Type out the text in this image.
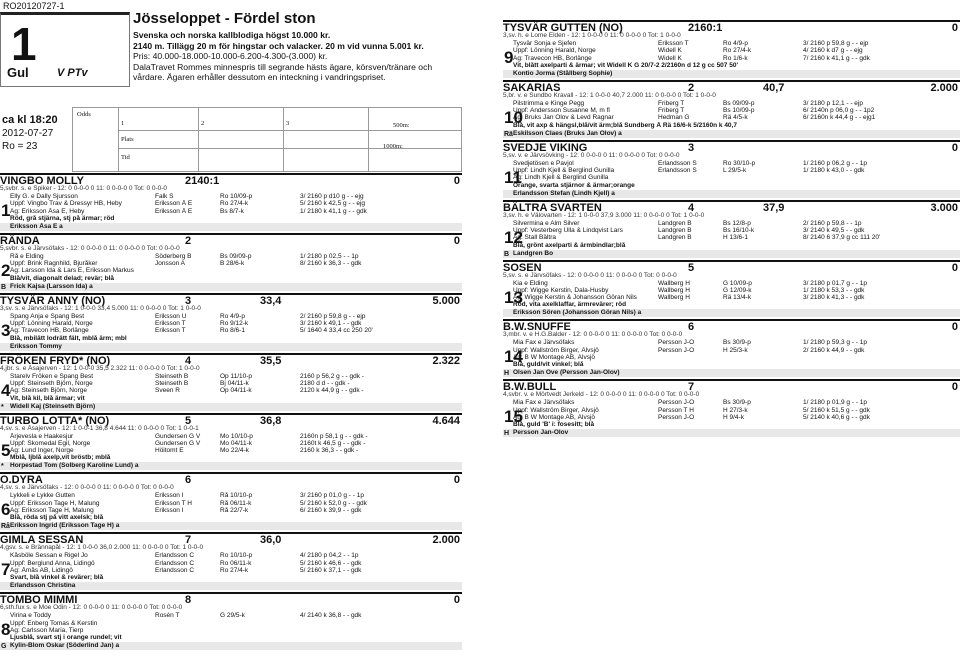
RO20120727-1
1
Gul	V PTv
Jösseloppet - Fördel ston
Svenska och norska kallblodiga högst 10.000 kr.
2140 m. Tillägg 20 m för hingstar och valacker. 20 m vid vunna 5.001 kr.
Pris: 40.000-18.000-10.000-6.200-4.300-(3.000) kr.
DalaTravet Rommes minnespris till segrande hästs ägare, körsven/tränare och vårdare. Ägaren erhåller dessutom en inteckning i vandringspriset.
ca kl 18:20
2012-07-27
Ro = 23
Odds
1	2	3
Plats
Tid
500m:
1000m:
VINGBO MOLLY	2140:1	0
5,svbr. s. e Spiker - 12: 0 0-0-0 0 11: 0 0-0-0 0 Tot: 0 0-0-0
Elly G. e Dally Sjursson	Falk S	Ro 10/09-p	3/ 2160 p d10 g - - ejg
Uppf: Vingbo Trav & Dressyr HB, Heby	Eriksson Å E	Ro 27/4-k	5/ 2160 k 42,5 g - - ejg
Äg: Eriksson Åsa E, Heby	Eriksson Å E	Bs 8/7-k	1/ 2180 k 41,1 g - - gdk
Röd, grå stjärna, stj på ärmar; röd
Eriksson Åsa E a
1
RÄNDA	2	0
5,svbr. s. e Järvsöfaks - 12: 0 0-0-0 0 11: 0 0-0-0 0 Tot: 0 0-0-0
Rå e Elding	Söderberg B	Bs 09/09-p	1/ 2180 p 02,5 - - 1p
Uppf: Brink Ragnhild, Bjuråker	Jonsson A	B 28/6-k	8/ 2160 k 36,3 - - gdk
Äg: Larsson Ida & Lars E, Eriksson Markus
Blå/vit, diagonalt delad; revär; blå
Frick Kajsa (Larsson Ida) a
2
B
TYSVÄR ANNY (NO)	3	33,4	5.000
3,sv. s. e Järvsöfaks - 12: 1 0-0-0 33,4 5.000 11: 0 0-0-0 0 Tot: 1 0-0-0
Spang Anja e Spang Best	Eriksson U	Ro 4/9-p	2/ 2160 p 59,8 g - - ejp
Uppf: Lönning Harald, Norge	Eriksson T	Ro 9/12-k	3/ 2160 k 49,1 - - gdk
Äg: Travecon HB, Borlänge	Eriksson T	Ro 8/6-1	5/ 1640 4 33,4 cc 250 20'
Blå, mbilätt lodrätt fält, mblå ärm; mbl
Eriksson Tommy
3
FRÖKEN FRYD* (NO)	4	35,5	2.322
4,jbr. s. e Åsajerven - 12: 1 0-0-0 35,5 2.322 11: 0 0-0-0 0 Tot: 1 0-0-0
Starelv Fröken e Spang Best	Steinseth B	Op 11/10-p	2160 p 56,2 g - - gdk -
Uppf: Steinseth Björn, Norge	Steinseth B	Bj 04/11-k	2180 d d - - gdk -
Äg: Steinseth Björn, Norge	Sveen R	Op 04/11-k	2120 k 44,9 g - - gdk -
Vit, blå kil, blå ärmar; vit
Widell Kaj (Steinseth Björn)
4
*
TURBO LOTTA* (NO)	5	36,8	4.644
4,sv. s. e Åsajerven - 12: 1 0-0-1 36,8 4.644 11: 0 0-0-0 0 Tot: 1 0-0-1
Årjevesla e Haakesjur	Gundersen G V	Mo 10/10-p	2160n p 58,1 g - - gdk -
Uppf: Skomedal Egil, Norge	Gundersen G V	Mo 04/11-k	2160t k 46,5 g - - gdk -
Äg: Lund Inger, Norge	Höitomt E	Mo 22/4-k	2160 k 36,3 - - gdk -
Mblå, ljblå axelp,vit bröstb; mblå
Horpestad Tom (Solberg Karoline Lund) a
5
*
O.DYRA	6	0
4,sv. s. e Järvsöfaks - 12: 0 0-0-0 0 11: 0 0-0-0 0 Tot: 0 0-0-0
Lykkeli e Lykke Gutten	Eriksson I	Rå 10/10-p	3/ 2160 p 01,0 g - - 1p
Uppf: Eriksson Tage H, Malung	Eriksson T H	Rå 06/11-k	5/ 2160 k 52,0 g - - gdk
Äg: Eriksson Tage H, Malung	Eriksson I	Rå 22/7-k	6/ 2160 k 39,9 - - gdk
Blå, röda stj på vitt axelsk; blå
Eriksson Ingrid (Eriksson Tage H) a
6
Rå
GIMLA SESSAN	7	36,0	2.000
4,gsv. s. e Brännapål - 12: 1 0-0-0 36,0 2.000 11: 0 0-0-0 0 Tot: 1 0-0-0
Kåsböle Sessan e Rigel Jo	Erlandsson C	Ro 10/10-p	4/ 2180 p 04,2 - - 1p
Uppf: Berglund Anna, Lidingö	Erlandsson C	Ro 06/11-k	5/ 2160 k 46,6 - - gdk
Äg: Åmås AB, Lidingö	Erlandsson C	Ro 27/4-k	5/ 2160 k 37,1 - - gdk
Svart, blå vinkel & revärer; blå
Erlandsson Christina
7
TOMBO MIMMI	8	0
6,sth.fux s. e Moe Odin - 12: 0 0-0-0 0 11: 0 0-0-0 0 Tot: 0 0-0-0
Virina e Toddy	Rosén T	G 29/5-k	4/ 2140 k 36,8 - - gdk
Uppf: Enberg Tomas & Kerstin
Äg: Carlsson Maria, Tierp
Ljusblå, svart stj i orange rundel; vit
Kylin-Blom Oskar (Söderlind Jan) a
8
G
TYSVÄR GUTTEN (NO)	2160:1	0
3,sv. h. e Lome Elden - 12: 1 0-0-0 0 11: 0 0-0-0 0 Tot: 1 0-0-0
Tysvär Sonja e Sjefen	Eriksson T	Ro 4/9-p	3/ 2160 p 59,8 g - - ejp
Uppf: Lönning Harald, Norge	Widell K	Ro 27/4-k	4/ 2160 k d7 g - - ejg
Äg: Travecon HB, Borlänge	Widell K	Ro 1/6-k	7/ 2160 k 41,1 g - - gdk
Vit, blått axelparti & ärmar; vit Widell K G 20/7-2 2/2160n d 12 g cc 507 50'
Kontio Jorma (Stållberg Sophie)
9
SAKARIAS	2	40,7	2.000
5,br. v. e Sundbo Kravall - 12: 1 0-0-0 40,7 2.000 11: 0 0-0-0 0 Tot: 1 0-0-0
Pilstrimma e Kinge Pegg	Friberg T	Bs 09/09-p	3/ 2180 p 12,1 - - ejp
Uppf: Andersson Susanne M, m fl	Friberg T	Bs 10/09-p	6/ 2140n p 06,0 g - - 1p2
Äg: Bruks Jan Olov & Levd Ragnar	Hedman G	Rä 4/5-k	6/ 2160n k 44,4 g - - ejg1
Blå, vit axp & hängsl,blå/vit ärm;blå Sundberg Å Rä 16/6-k 5/2160n k 40,7
Eskilsson Claes (Bruks Jan Olov) a
10
Rä
SVEDJE VIKING	3	0
5,sv. v. e Järvsövking - 12: 0 0-0-0 0 11: 0 0-0-0 0 Tot: 0 0-0-0
Svedjetösen e Pavjol	Erlandsson S	Ro 30/10-p	1/ 2160 p 06,2 g - - 1p
Uppf: Lindh Kjell & Berglind Gunilla	Erlandsson S	L 29/5-k	1/ 2180 k 43,0 - - gdk
Äg: Lindh Kjell & Berglind Gunilla
Orange, svarta stjärnor & ärmar;orange
Erlandsson Stefan (Lindh Kjell) a
11
BÄLTRA SVARTEN	4	37,9	3.000
3,sv. h. e Välovarten - 12: 1 0-0-0 37,9 3.000 11: 0 0-0-0 0 Tot: 1 0-0-0
Silvermina e Alm Silver	Landgren B	Bs 12/8-p	2/ 2160 p 59,8 - - 1p
Uppf: Vesterberg Ulla & Lindqvist Lars	Landgren B	Bs 16/10-k	3/ 2140 k 49,5 - - gdk
Äg: Stall Bältra	Landgren B	H 13/6-1	8/ 2140 6 37,9 g cc 111 20'
Blå, grönt axelparti & ärmbindlar;blå
Landgren Bo
12
B
SOSEN	5	0
5,sv. s. e Järvsöfaks - 12: 0 0-0-0 0 11: 0 0-0-0 0 Tot: 0 0-0-0
Kia e Elding	Wallberg H	G 10/09-p	3/ 2180 p 01,7 g - - 1p
Uppf: Wigge Kerstin, Dala-Husby	Wallberg H	G 12/09-k	1/ 2180 k 53,3 - - gdk
Äg: Wigge Kerstin & Johansson Göran Nils	Wallberg H	Rä 13/4-k	3/ 2180 k 41,3 - - gdk
Röd, vita axelklaffar, ärmrevärer; röd
Eriksson Sören (Johansson Göran Nils) a
13
B.W.SNUFFE	6	0
3,mbr. v. e H.G.Balder - 12: 0 0-0-0 0 11: 0 0-0-0 0 Tot: 0 0-0-0
Mia Fax e Järvsöfaks	Persson J-O	Bs 30/9-p	1/ 2180 p 59,3 g - - 1p
Uppf: Wallström Birger, Älvsjö	Persson J-O	H 25/3-k	2/ 2160 k 44,9 - - gdk
Äg: B W Montage AB, Älvsjö
Blå, guld/vit vinkel; blå
Olsen Jan Ove (Persson Jan-Olov)
14
H
B.W.BULL	7	0
4,svbr. v. e Mörtvedt Jerkeld - 12: 0 0-0-0 0 11: 0 0-0-0 0 Tot: 0 0-0-0
Mia Fax e Järvsöfaks	Persson J-O	Bs 30/9-p	1/ 2180 p 01,9 g - - 1p
Uppf: Wallström Birger, Älvsjö	Persson T H	H 27/3-k	5/ 2160 k 51,5 g - - gdk
Äg: B W Montage AB, Älvsjö	Persson J-O	H 9/4-k	5/ 2140 k 40,6 g - - gdk
Blå, guld 'B' i: fosesitt; blå
Persson Jan-Olov
15
H
